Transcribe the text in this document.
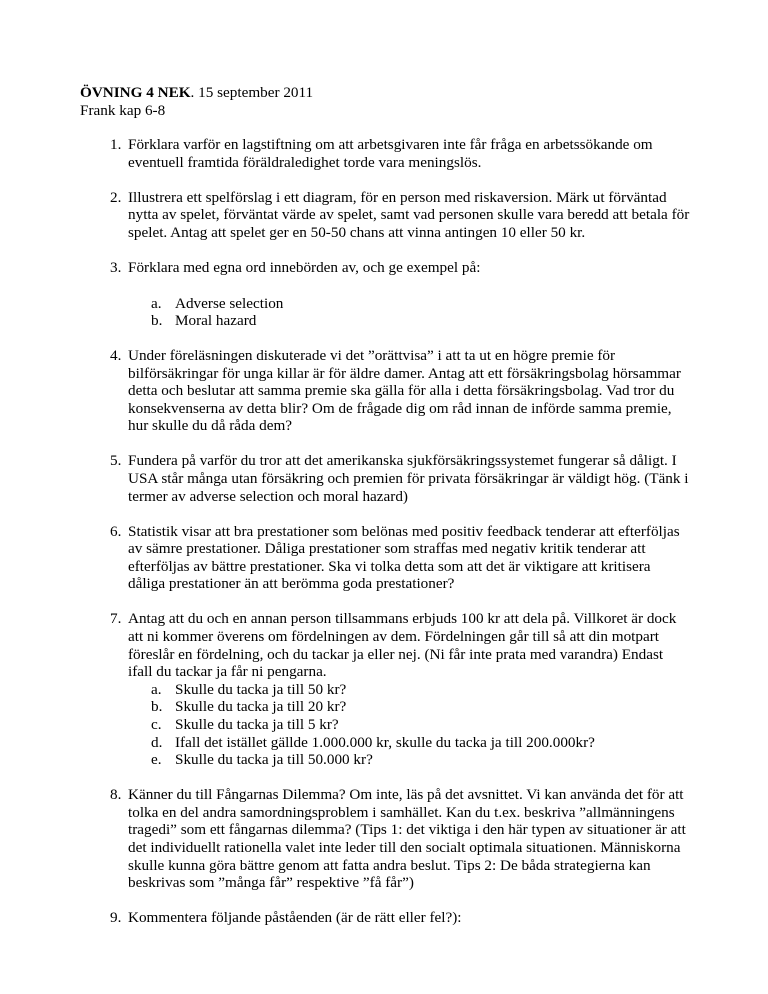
ÖVNING 4 NEK. 15 september 2011

Frank kap 6-8

1. Förklara varför en lagstiftning om att arbetsgivaren inte får fråga en arbetssökande om eventuell framtida föräldraledighet torde vara meningslös.

2. Illustrera ett spelförslag i ett diagram, för en person med riskaversion. Märk ut förväntad nytta av spelet, förväntat värde av spelet, samt vad personen skulle vara beredd att betala för spelet. Antag att spelet ger en 50-50 chans att vinna antingen 10 eller 50 kr.

3. Förklara med egna ord innebörden av, och ge exempel på:

a. Adverse selection

b. Moral hazard

4. Under föreläsningen diskuterade vi det ”orättvisa” i att ta ut en högre premie för bilförsäkringar för unga killar är för äldre damer. Antag att ett försäkringsbolag hörsammar detta och beslutar att samma premie ska gälla för alla i detta försäkringsbolag. Vad tror du konsekvenserna av detta blir? Om de frågade dig om råd innan de införde samma premie, hur skulle du då råda dem?

5. Fundera på varför du tror att det amerikanska sjukförsäkringssystemet fungerar så dåligt. I USA står många utan försäkring och premien för privata försäkringar är väldigt hög. (Tänk i termer av adverse selection och moral hazard)

6. Statistik visar att bra prestationer som belönas med positiv feedback tenderar att efterföljas av sämre prestationer. Dåliga prestationer som straffas med negativ kritik tenderar att efterföljas av bättre prestationer. Ska vi tolka detta som att det är viktigare att kritisera dåliga prestationer än att berömma goda prestationer?

7. Antag att du och en annan person tillsammans erbjuds 100 kr att dela på. Villkoret är dock att ni kommer överens om fördelningen av dem. Fördelningen går till så att din motpart föreslår en fördelning, och du tackar ja eller nej. (Ni får inte prata med varandra) Endast ifall du tackar ja får ni pengarna.

a. Skulle du tacka ja till 50 kr?

b. Skulle du tacka ja till 20 kr?

c. Skulle du tacka ja till 5 kr?

d. Ifall det istället gällde 1.000.000 kr, skulle du tacka ja till 200.000kr?

e. Skulle du tacka ja till 50.000 kr?

8. Känner du till Fångarnas Dilemma? Om inte, läs på det avsnittet. Vi kan använda det för att tolka en del andra samordningsproblem i samhället. Kan du t.ex. beskriva ”allmänningens tragedi” som ett fångarnas dilemma? (Tips 1: det viktiga i den här typen av situationer är att det individuellt rationella valet inte leder till den socialt optimala situationen. Människorna skulle kunna göra bättre genom att fatta andra beslut. Tips 2: De båda strategierna kan beskrivas som ”många får” respektive ”få får”)

9. Kommentera följande påståenden (är de rätt eller fel?):
